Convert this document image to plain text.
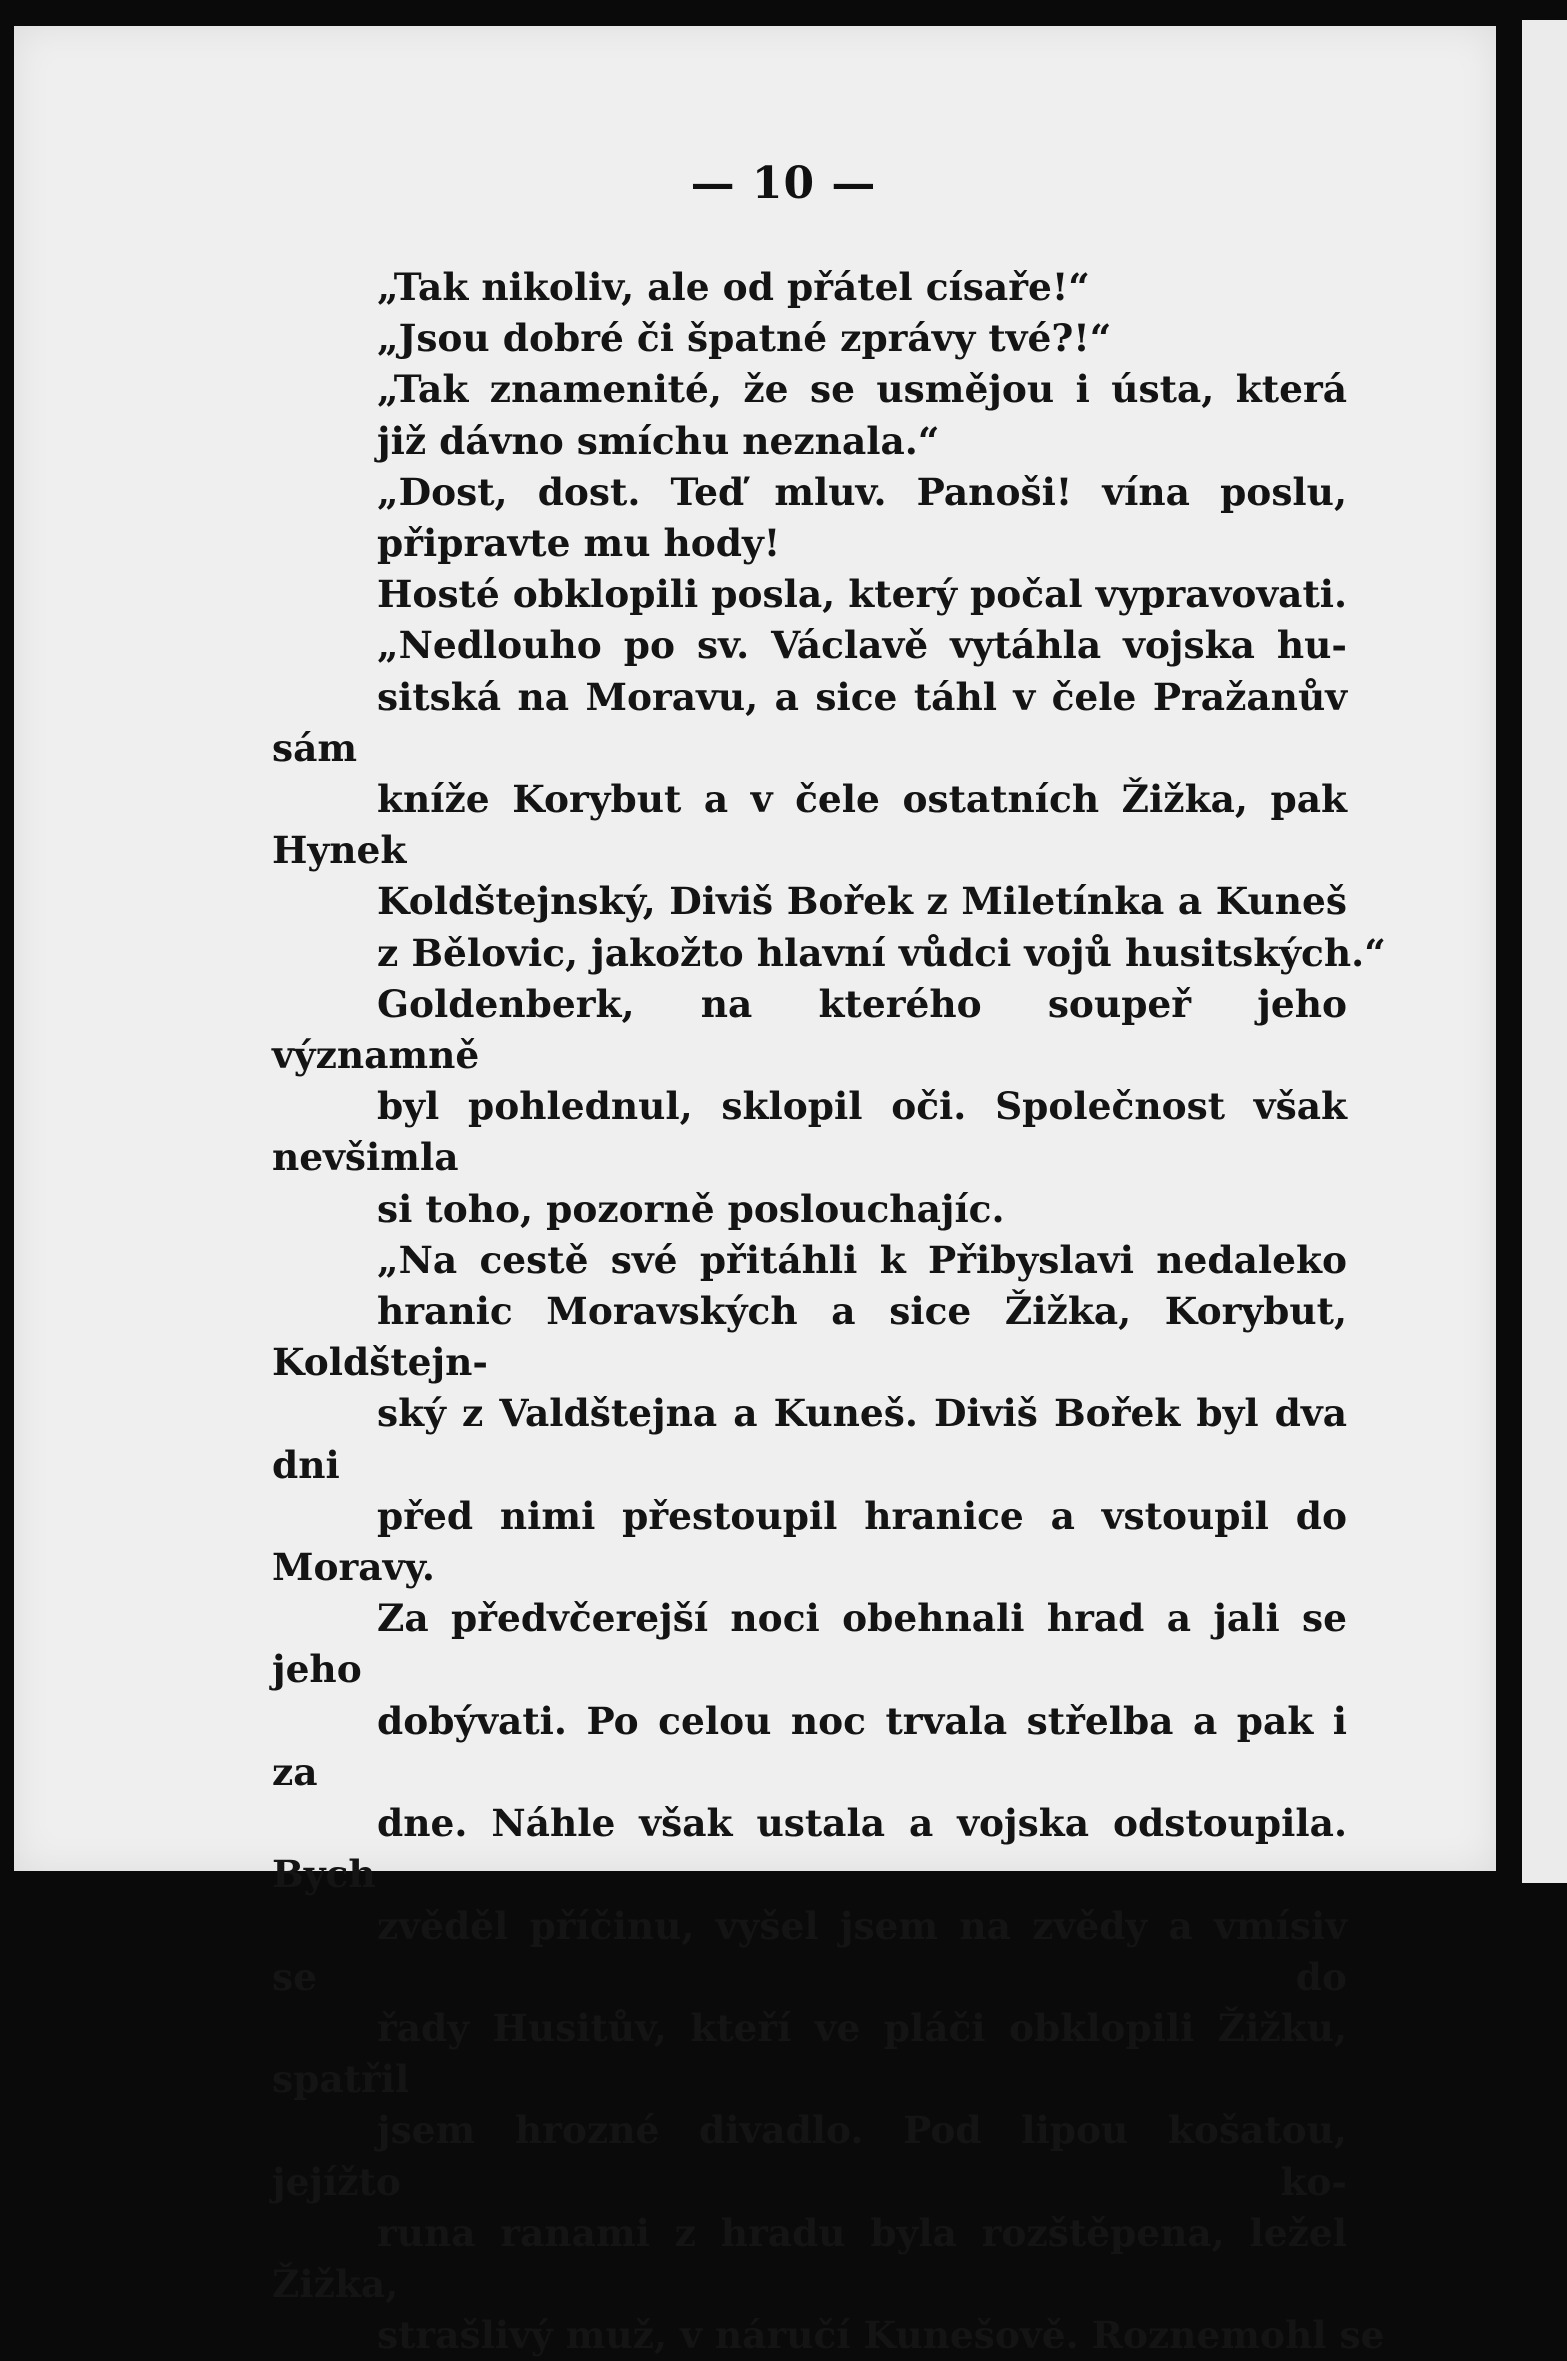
— 10 —
„Tak nikoliv, ale od přátel císaře!“
„Jsou dobré či špatné zprávy tvé?!“
„Tak znamenité, že se usmějou i ústa, která
již dávno smíchu neznala.“
„Dost, dost. Teď mluv. Panoši! vína poslu,
připravte mu hody!
Hosté obklopili posla, který počal vypravovati.
„Nedlouho po sv. Václavě vytáhla vojska hu-
sitská na Moravu, a sice táhl v čele Pražanův sám
kníže Korybut a v čele ostatních Žižka, pak Hynek
Koldštejnský, Diviš Bořek z Miletínka a Kuneš
z Bělovic, jakožto hlavní vůdci vojů husitských.“
Goldenberk, na kterého soupeř jeho významně
byl pohlednul, sklopil oči. Společnost však nevšimla
si toho, pozorně poslouchajíc.
„Na cestě své přitáhli k Přibyslavi nedaleko
hranic Moravských a sice Žižka, Korybut, Koldštejn-
ský z Valdštejna a Kuneš. Diviš Bořek byl dva dni
před nimi přestoupil hranice a vstoupil do Moravy.
Za předvčerejší noci obehnali hrad a jali se jeho
dobývati. Po celou noc trvala střelba a pak i za
dne. Náhle však ustala a vojska odstoupila. Bych
zvěděl příčinu, vyšel jsem na zvědy a vmísiv se do
řady Husitův, kteří ve pláči obklopili Žižku, spatřil
jsem hrozné divadlo. Pod lipou košatou, jejížto ko-
runa ranami z hradu byla rozštěpena, ležel Žižka,
strašlivý muž, v náručí Kunešově. Roznemohl se
